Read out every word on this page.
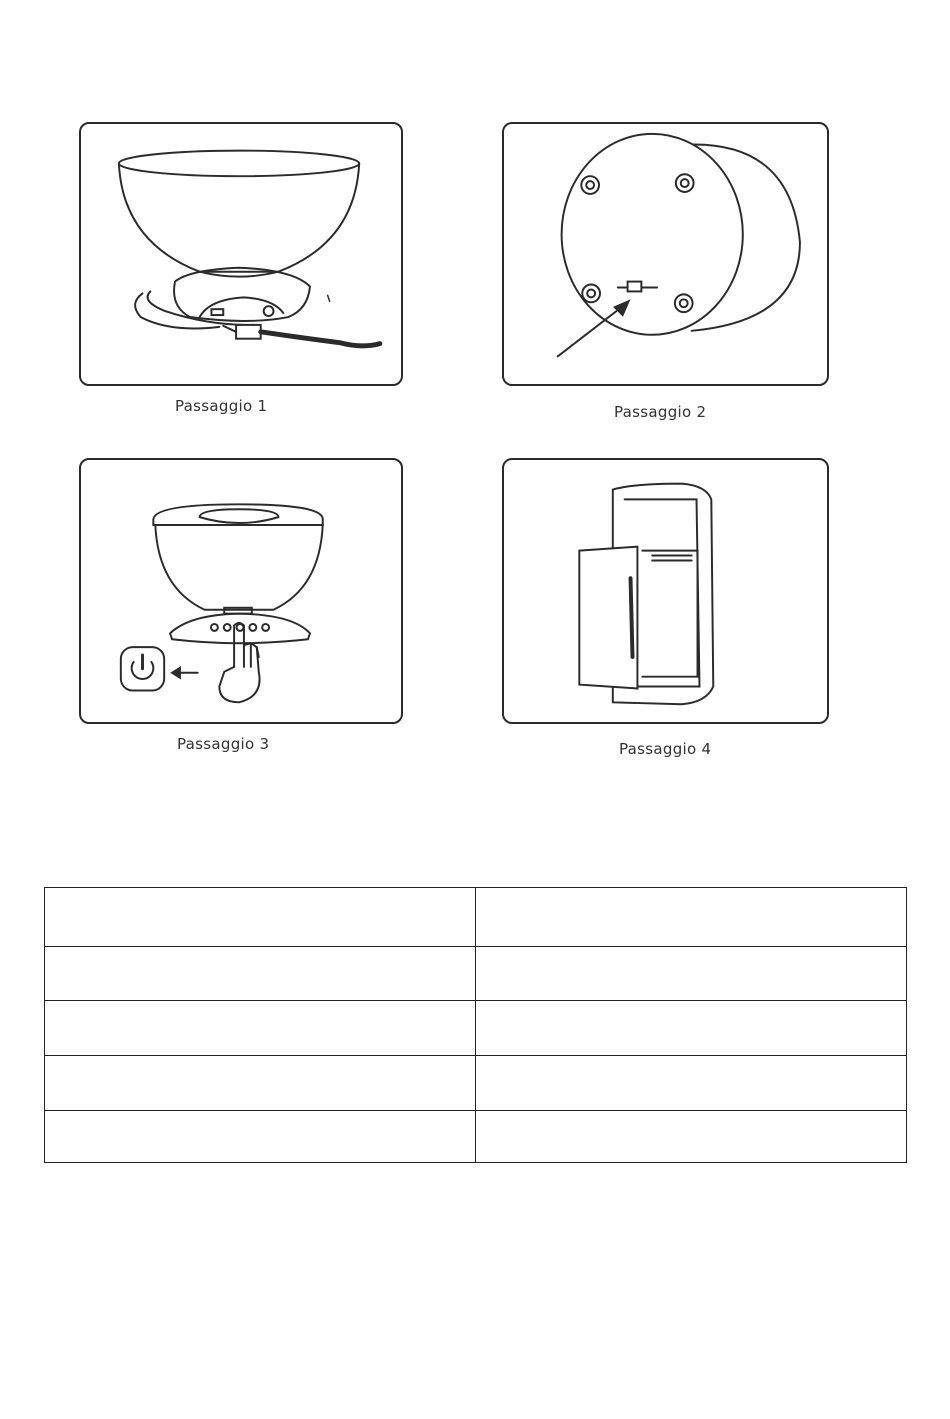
Passaggio 1	Passaggio 2
Passaggio 3	Passaggio 4
